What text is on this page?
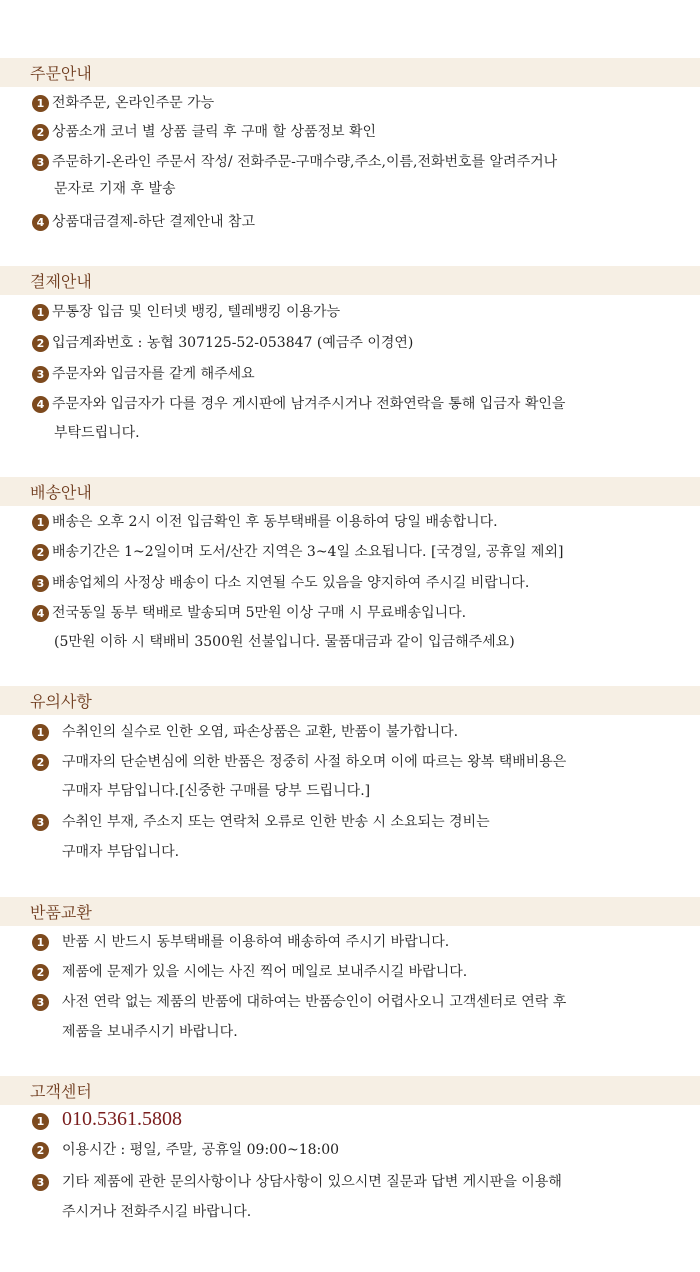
주문안내
1 전화주문, 온라인주문 가능
2 상품소개 코너 별 상품 클릭 후 구매 할 상품정보 확인
3 주문하기-온라인 주문서 작성/ 전화주문-구매수량,주소,이름,전화번호를 알려주거나
문자로 기재 후 발송
4 상품대금결제-하단 결제안내 참고
결제안내
1 무통장 입금 및 인터넷 뱅킹, 텔레뱅킹 이용가능
2 입금계좌번호 : 농협 307125-52-053847 (예금주 이경연)
3 주문자와 입금자를 같게 해주세요
4 주문자와 입금자가 다를 경우 게시판에 남겨주시거나 전화연락을 통해 입금자 확인을
부탁드립니다.
배송안내
1 배송은 오후 2시 이전 입금확인 후 동부택배를 이용하여 당일 배송합니다.
2 배송기간은 1~2일이며 도서/산간 지역은 3~4일 소요됩니다. [국경일, 공휴일 제외]
3 배송업체의 사정상 배송이 다소 지연될 수도 있음을 양지하여 주시길 비랍니다.
4 전국동일 동부 택배로 발송되며 5만원 이상 구매 시 무료배송입니다.
(5만원 이하 시 택배비 3500원 선불입니다. 물품대금과 같이 입금해주세요)
유의사항
1	수취인의 실수로 인한 오염, 파손상품은 교환, 반품이 불가합니다.
2	구매자의 단순변심에 의한 반품은 정중히 사절 하오며 이에 따르는 왕복 택배비용은
구매자 부담입니다.[신중한 구매를 당부 드립니다.]
3	수취인 부재, 주소지 또는 연락처 오류로 인한 반송 시 소요되는 경비는
구매자 부담입니다.
반품교환
1	반품 시 반드시 동부택배를 이용하여 배송하여 주시기 바랍니다.
2	제품에 문제가 있을 시에는 사진 찍어 메일로 보내주시길 바랍니다.
3	사전 연락 없는 제품의 반품에 대하여는 반품승인이 어렵사오니 고객센터로 연락 후
제품을 보내주시기 바랍니다.
고객센터
1 010.5361.5808
2	이용시간 : 평일, 주말, 공휴일 09:00~18:00
3	기타 제품에 관한 문의사항이나 상담사항이 있으시면 질문과 답변 게시판을 이용해
주시거나 전화주시길 바랍니다.
